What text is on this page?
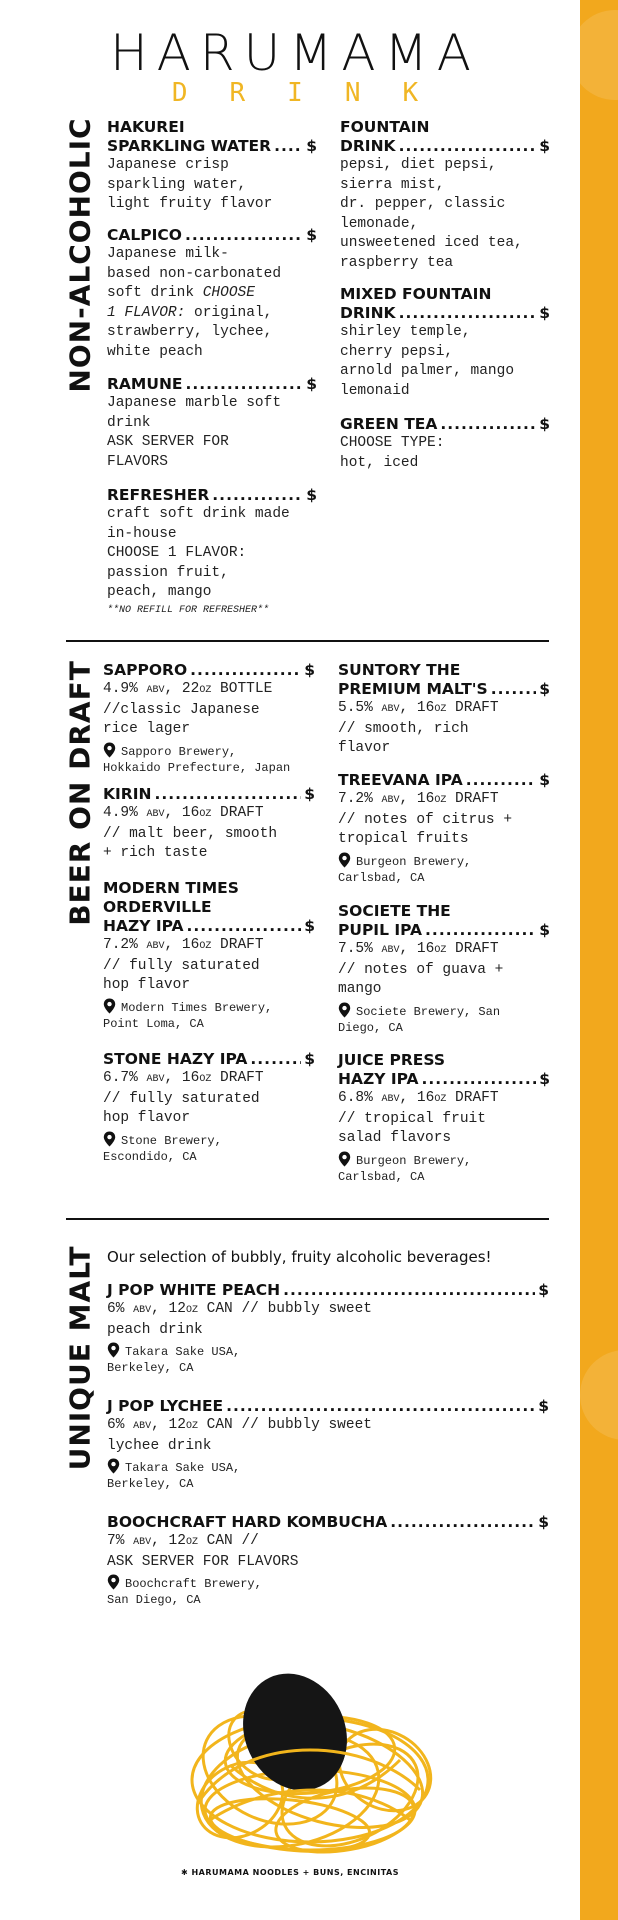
HARUMAMA
DRINK
NON-ALCOHOLIC HAKUREI
SPARKLING WATER ..... $
Japanese crisp
sparkling water,
light fruity flavor
CALPICO .....	$
Japanese milk-
based non-carbonated
soft drink CHOOSE
1 FLAVOR: original,
strawberry, lychee,
white peach
RAMUNE .....	$
Japanese marble soft
drink
ASK SERVER FOR
FLAVORS
REFRESHER .....	$
craft soft drink made
in-house
CHOOSE 1 FLAVOR:
passion fruit,
peach, mango
**NO REFILL FOR REFRESHER**
FOUNTAIN
DRINK .....	$
pepsi, diet pepsi,
sierra mist,
dr. pepper, classic
lemonade,
unsweetened iced tea,
raspberry tea
MIXED FOUNTAIN
DRINK .....	$
shirley temple,
cherry pepsi,
arnold palmer, mango
lemonaid
GREEN TEA .....	$
CHOOSE TYPE:
hot, iced
BEER ON DRAFT SAPPORO .....	$
4.9% ABV, 22OZ BOTTLE
//classic Japanese
rice lager
Sapporo Brewery,
Hokkaido Prefecture, Japan
KIRIN .....	$
4.9% ABV, 16OZ DRAFT
// malt beer, smooth
+ rich taste
MODERN TIMES
ORDERVILLE
HAZY IPA .....	$
7.2% ABV, 16OZ DRAFT
// fully saturated
hop flavor
Modern Times Brewery,
Point Loma, CA
STONE HAZY IPA .....	$
6.7% ABV, 16OZ DRAFT
// fully saturated
hop flavor
Stone Brewery,
Escondido, CA
SUNTORY THE
PREMIUM MALT'S .....	$
5.5% ABV, 16OZ DRAFT
// smooth, rich
flavor
TREEVANA IPA .....	$
7.2% ABV, 16OZ DRAFT
// notes of citrus +
tropical fruits
Burgeon Brewery,
Carlsbad, CA
SOCIETE THE
PUPIL IPA .....	$
7.5% ABV, 16OZ DRAFT
// notes of guava +
mango
Societe Brewery, San
Diego, CA
JUICE PRESS
HAZY IPA .....	$
6.8% ABV, 16OZ DRAFT
// tropical fruit
salad flavors
Burgeon Brewery,
Carlsbad, CA
UNIQUE MALT Our selection of bubbly, fruity alcoholic beverages!
J POP WHITE PEACH .....	$
6% ABV, 12OZ CAN // bubbly sweet
peach drink
Takara Sake USA,
Berkeley, CA
J POP LYCHEE .....	$
6% ABV, 12OZ CAN // bubbly sweet
lychee drink
Takara Sake USA,
Berkeley, CA
BOOCHCRAFT HARD KOMBUCHA .....	$
7% ABV, 12OZ CAN //
ASK SERVER FOR FLAVORS
Boochcraft Brewery,
San Diego, CA
✱ HARUMAMA NOODLES + BUNS, ENCINITAS
